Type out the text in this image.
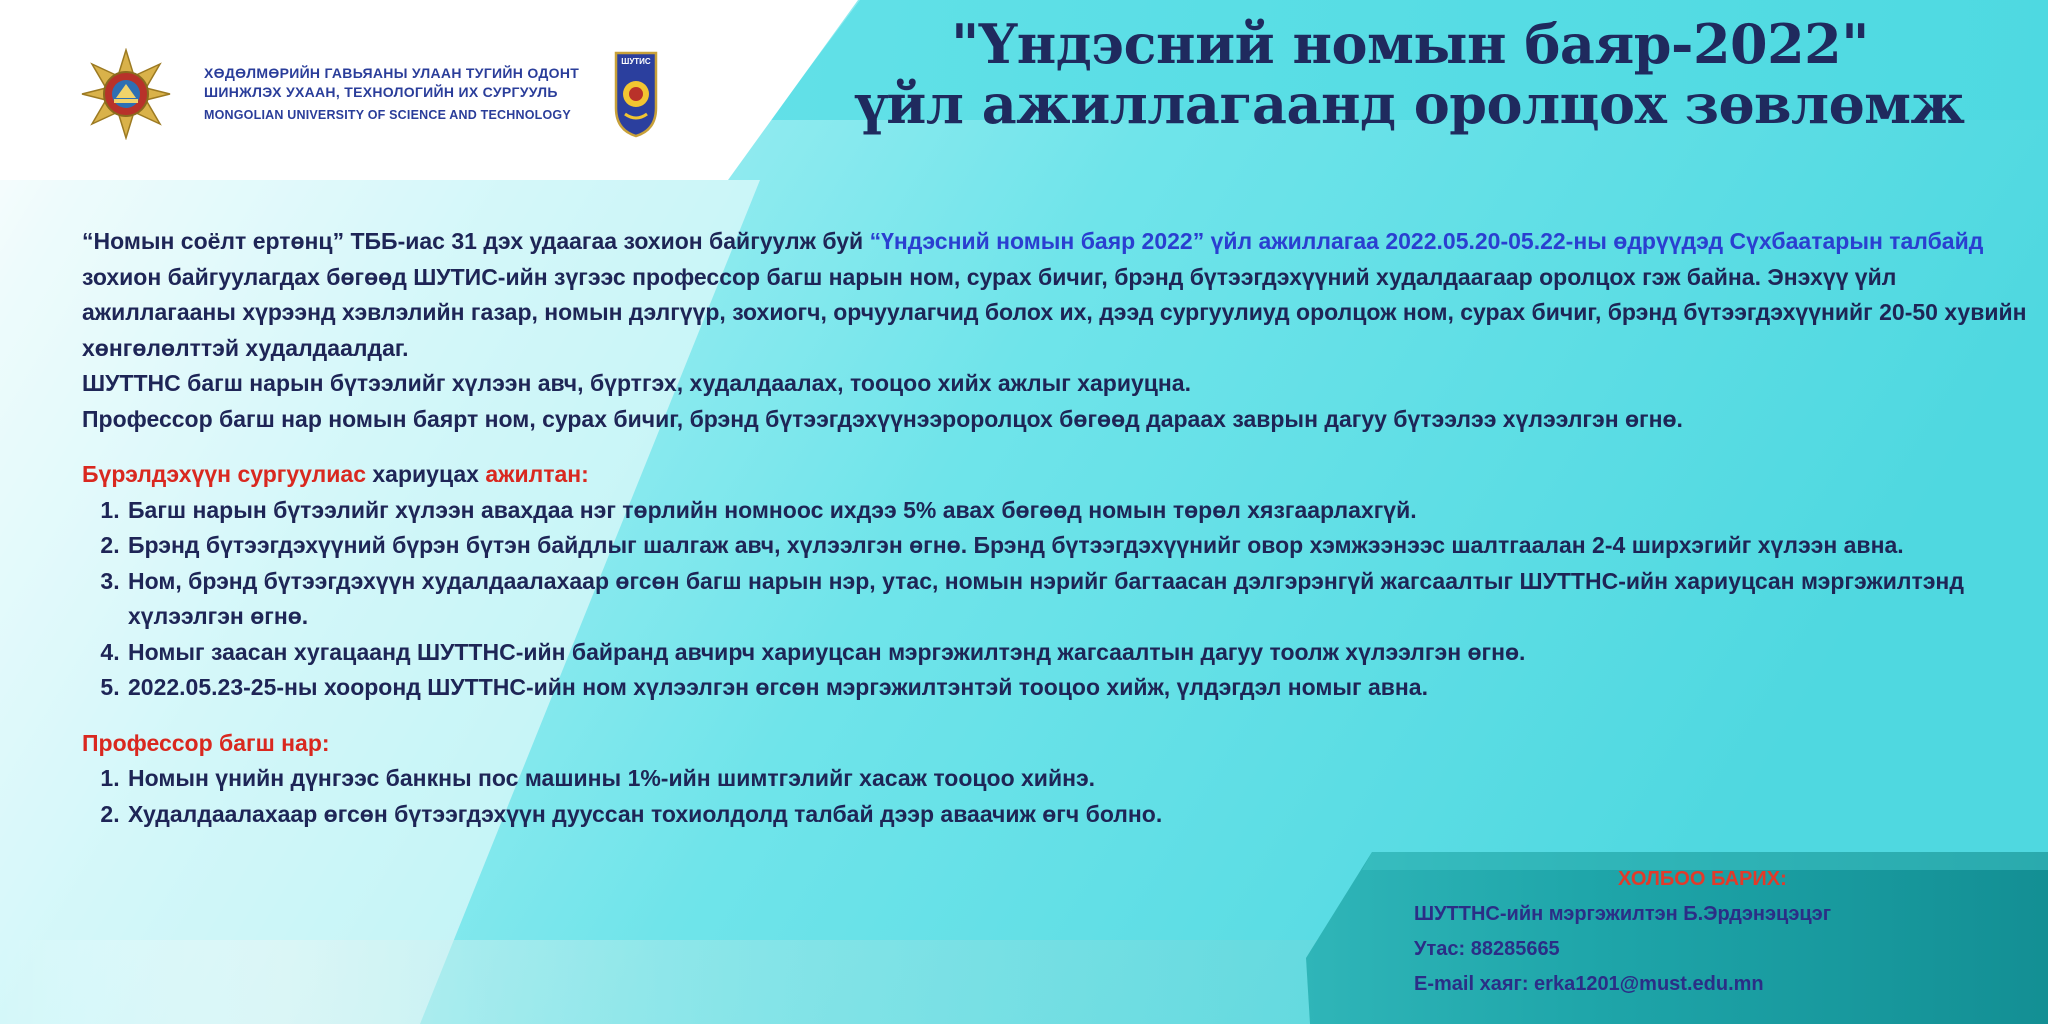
"Үндэсний номын баяр-2022"
үйл ажиллагаанд оролцох зөвлөмж
ХӨДӨЛМӨРИЙН ГАВЬЯАНЫ УЛААН ТУГИЙН ОДОНТ
ШИНЖЛЭХ УХААН, ТЕХНОЛОГИЙН ИХ СУРГУУЛЬ
MONGOLIAN UNIVERSITY OF SCIENCE AND TECHNOLOGY
ШУТИС

“Номын соёлт ертөнц” ТББ-иас 31 дэх удаагаа зохион байгуулж буй “Үндэсний номын баяр 2022” үйл ажиллагаа 2022.05.20-05.22-ны өдрүүдэд Сүхбаатарын талбайд зохион байгуулагдах бөгөөд ШУТИС-ийн зүгээс профессор багш нарын ном, сурах бичиг, брэнд бүтээгдэхүүний худалдаагаар оролцох гэж байна. Энэхүү үйл ажиллагааны хүрээнд хэвлэлийн газар, номын дэлгүүр, зохиогч, орчуулагчид болох их, дээд сургуулиуд оролцож ном, сурах бичиг, брэнд бүтээгдэхүүнийг 20-50 хувийн хөнгөлөлттэй худалдаалдаг.

ШУТТНС багш нарын бүтээлийг хүлээн авч, бүртгэх, худалдаалах, тооцоо хийх ажлыг хариуцна.

Профессор багш нар номын баярт ном, сурах бичиг, брэнд бүтээгдэхүүнээроролцох бөгөөд дараах заврын дагуу бүтээлээ хүлээлгэн өгнө.

Бүрэлдэхүүн сургуулиас хариуцах ажилтан:

1. Багш нарын бүтээлийг хүлээн авахдаа нэг төрлийн номноос ихдээ 5% авах бөгөөд номын төрөл хязгаарлахгүй.
2. Брэнд бүтээгдэхүүний бүрэн бүтэн байдлыг шалгаж авч, хүлээлгэн өгнө. Брэнд бүтээгдэхүүнийг овор хэмжээнээс шалтгаалан 2-4 ширхэгийг хүлээн авна.
3. Ном, брэнд бүтээгдэхүүн худалдаалахаар өгсөн багш нарын нэр, утас, номын нэрийг багтаасан дэлгэрэнгүй жагсаалтыг ШУТТНС-ийн хариуцсан мэргэжилтэнд хүлээлгэн өгнө.
4. Номыг заасан хугацаанд ШУТТНС-ийн байранд авчирч хариуцсан мэргэжилтэнд жагсаалтын дагуу тоолж хүлээлгэн өгнө.
5. 2022.05.23-25-ны хооронд ШУТТНС-ийн ном хүлээлгэн өгсөн мэргэжилтэнтэй тооцоо хийж, үлдэгдэл номыг авна.

Профессор багш нар:

1. Номын үнийн дүнгээс банкны пос машины 1%-ийн шимтгэлийг хасаж тооцоо хийнэ.
2. Худалдаалахаар өгсөн бүтээгдэхүүн дууссан тохиолдолд талбай дээр аваачиж өгч болно.
ХОЛБОО БАРИХ:
ШУТТНС-ийн мэргэжилтэн Б.Эрдэнэцэцэг
Утас: 88285665
E-mail хаяг: erka1201@must.edu.mn
